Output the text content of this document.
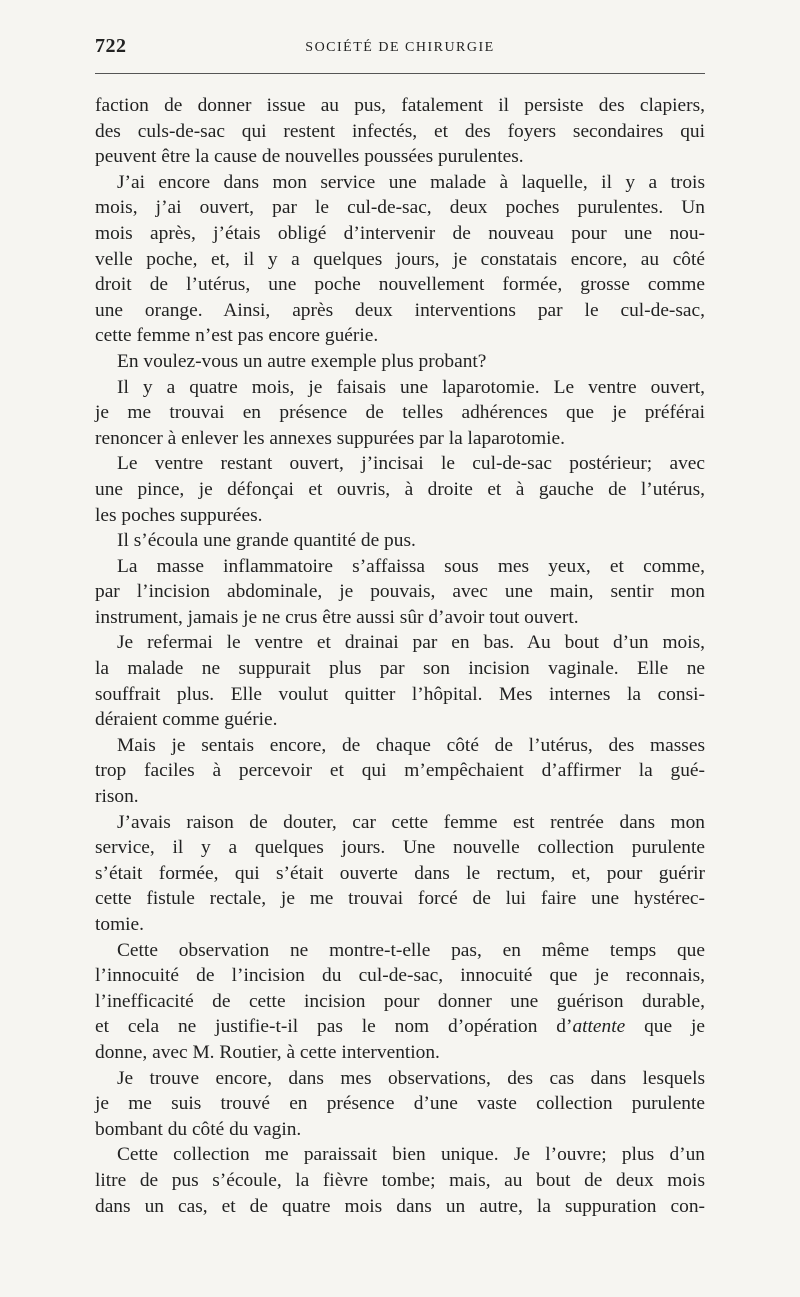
722	SOCIÉTÉ DE CHIRURGIE

faction de donner issue au pus, fatalement il persiste des clapiers,
des culs-de-sac qui restent infectés, et des foyers secondaires qui
peuvent être la cause de nouvelles poussées purulentes.

J’ai encore dans mon service une malade à laquelle, il y a trois
mois, j’ai ouvert, par le cul-de-sac, deux poches purulentes. Un
mois après, j’étais obligé d’intervenir de nouveau pour une nou-
velle poche, et, il y a quelques jours, je constatais encore, au côté
droit de l’utérus, une poche nouvellement formée, grosse comme
une orange. Ainsi, après deux interventions par le cul-de-sac,
cette femme n’est pas encore guérie.

En voulez-vous un autre exemple plus probant?

Il y a quatre mois, je faisais une laparotomie. Le ventre ouvert,
je me trouvai en présence de telles adhérences que je préférai
renoncer à enlever les annexes suppurées par la laparotomie.

Le ventre restant ouvert, j’incisai le cul-de-sac postérieur; avec
une pince, je défonçai et ouvris, à droite et à gauche de l’utérus,
les poches suppurées.

Il s’écoula une grande quantité de pus.

La masse inflammatoire s’affaissa sous mes yeux, et comme,
par l’incision abdominale, je pouvais, avec une main, sentir mon
instrument, jamais je ne crus être aussi sûr d’avoir tout ouvert.

Je refermai le ventre et drainai par en bas. Au bout d’un mois,
la malade ne suppurait plus par son incision vaginale. Elle ne
souffrait plus. Elle voulut quitter l’hôpital. Mes internes la consi-
déraient comme guérie.

Mais je sentais encore, de chaque côté de l’utérus, des masses
trop faciles à percevoir et qui m’empêchaient d’affirmer la gué-
rison.

J’avais raison de douter, car cette femme est rentrée dans mon
service, il y a quelques jours. Une nouvelle collection purulente
s’était formée, qui s’était ouverte dans le rectum, et, pour guérir
cette fistule rectale, je me trouvai forcé de lui faire une hystérec-
tomie.

Cette observation ne montre-t-elle pas, en même temps que
l’innocuité de l’incision du cul-de-sac, innocuité que je reconnais,
l’inefficacité de cette incision pour donner une guérison durable,
et cela ne justifie-t-il pas le nom d’opération d’attente que je
donne, avec M. Routier, à cette intervention.

Je trouve encore, dans mes observations, des cas dans lesquels
je me suis trouvé en présence d’une vaste collection purulente
bombant du côté du vagin.

Cette collection me paraissait bien unique. Je l’ouvre; plus d’un
litre de pus s’écoule, la fièvre tombe; mais, au bout de deux mois
dans un cas, et de quatre mois dans un autre, la suppuration con-
